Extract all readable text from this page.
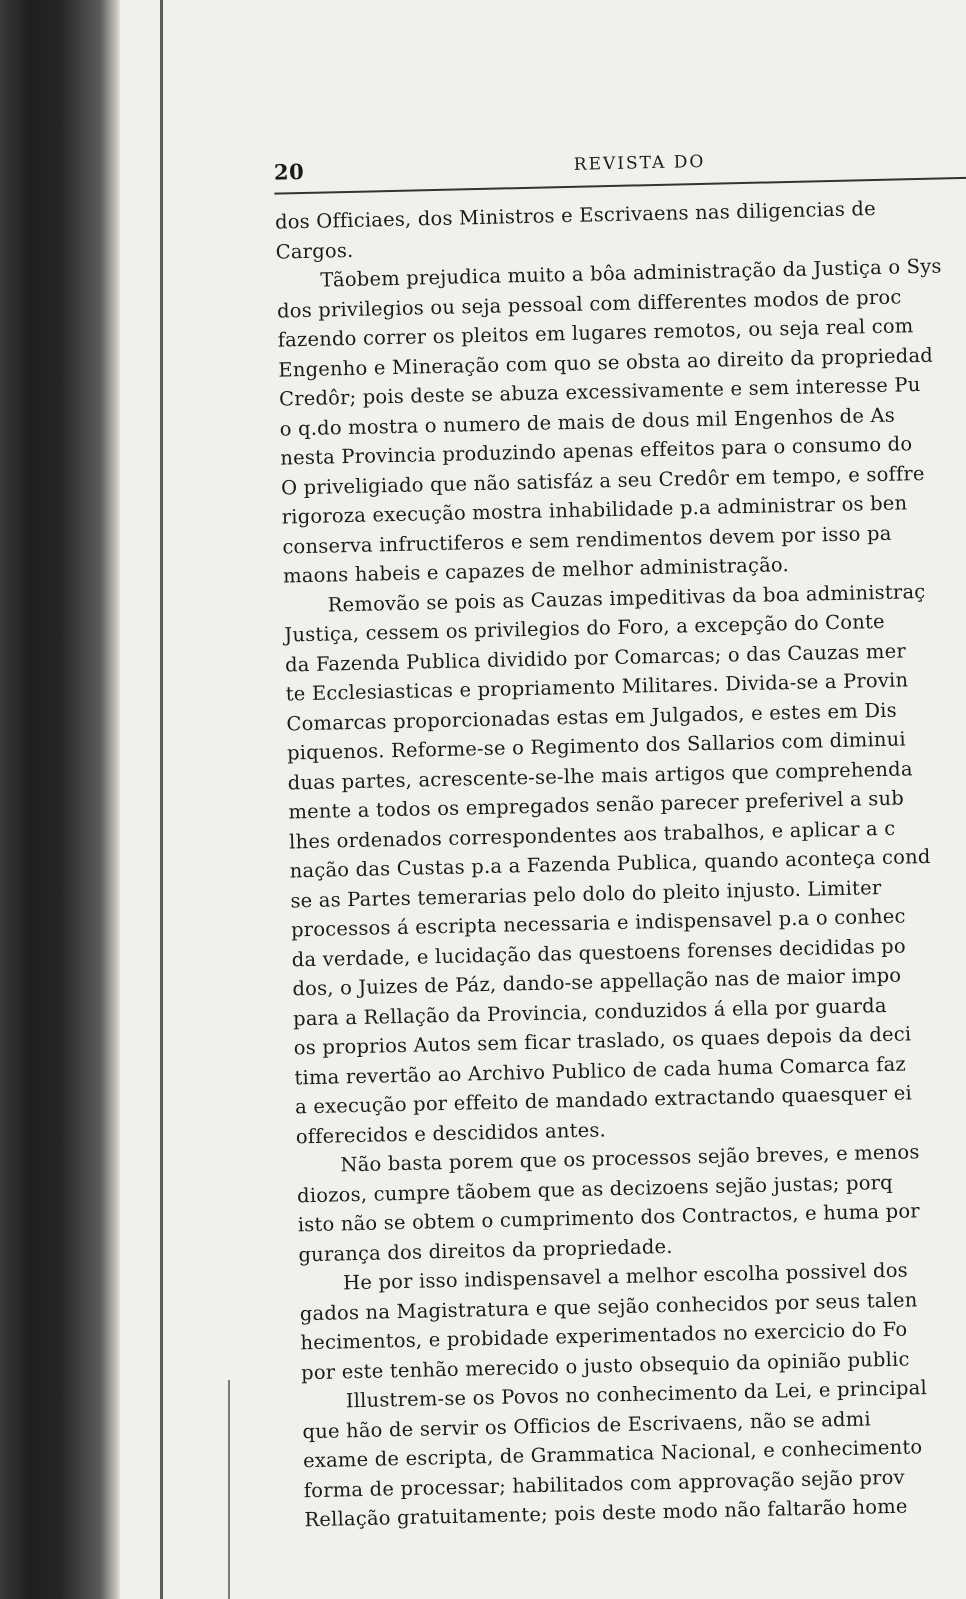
20	REVISTA DO
dos Officiaes, dos Ministros e Escrivaens nas diligencias de
Cargos.
Tãobem prejudica muito a bôa administração da Justiça o Sys
dos privilegios ou seja pessoal com differentes modos de proc
fazendo correr os pleitos em lugares remotos, ou seja real com
Engenho e Mineração com quo se obsta ao direito da propriedad
Credôr; pois deste se abuza excessivamente e sem interesse Pu
o q.do mostra o numero de mais de dous mil Engenhos de As
nesta Provincia produzindo apenas effeitos para o consumo do
O priveligiado que não satisfáz a seu Credôr em tempo, e soffre
rigoroza execução mostra inhabilidade p.a administrar os ben
conserva infructiferos e sem rendimentos devem por isso pa
maons habeis e capazes de melhor administração.
Removão se pois as Cauzas impeditivas da boa administraç
Justiça, cessem os privilegios do Foro, a excepção do Conte
da Fazenda Publica dividido por Comarcas; o das Cauzas mer
te Ecclesiasticas e propriamento Militares. Divida-se a Provin
Comarcas proporcionadas estas em Julgados, e estes em Dis
piquenos. Reforme-se o Regimento dos Sallarios com diminui
duas partes, acrescente-se-lhe mais artigos que comprehenda
mente a todos os empregados senão parecer preferivel a sub
lhes ordenados correspondentes aos trabalhos, e aplicar a c
nação das Custas p.a a Fazenda Publica, quando aconteça cond
se as Partes temerarias pelo dolo do pleito injusto. Limiter
processos á escripta necessaria e indispensavel p.a o conhec
da verdade, e lucidação das questoens forenses decididas po
dos, o Juizes de Páz, dando-se appellação nas de maior impo
para a Rellação da Provincia, conduzidos á ella por guarda
os proprios Autos sem ficar traslado, os quaes depois da deci
tima revertão ao Archivo Publico de cada huma Comarca faz
a execução por effeito de mandado extractando quaesquer ei
offerecidos e descididos antes.
Não basta porem que os processos sejão breves, e menos
diozos, cumpre tãobem que as decizoens sejão justas; porq
isto não se obtem o cumprimento dos Contractos, e huma por
gurança dos direitos da propriedade.
He por isso indispensavel a melhor escolha possivel dos
gados na Magistratura e que sejão conhecidos por seus talen
hecimentos, e probidade experimentados no exercicio do Fo
por este tenhão merecido o justo obsequio da opinião public
Illustrem-se os Povos no conhecimento da Lei, e principal
que hão de servir os Officios de Escrivaens, não se admi
exame de escripta, de Grammatica Nacional, e conhecimento
forma de processar; habilitados com approvação sejão prov
Rellação gratuitamente; pois deste modo não faltarão home
